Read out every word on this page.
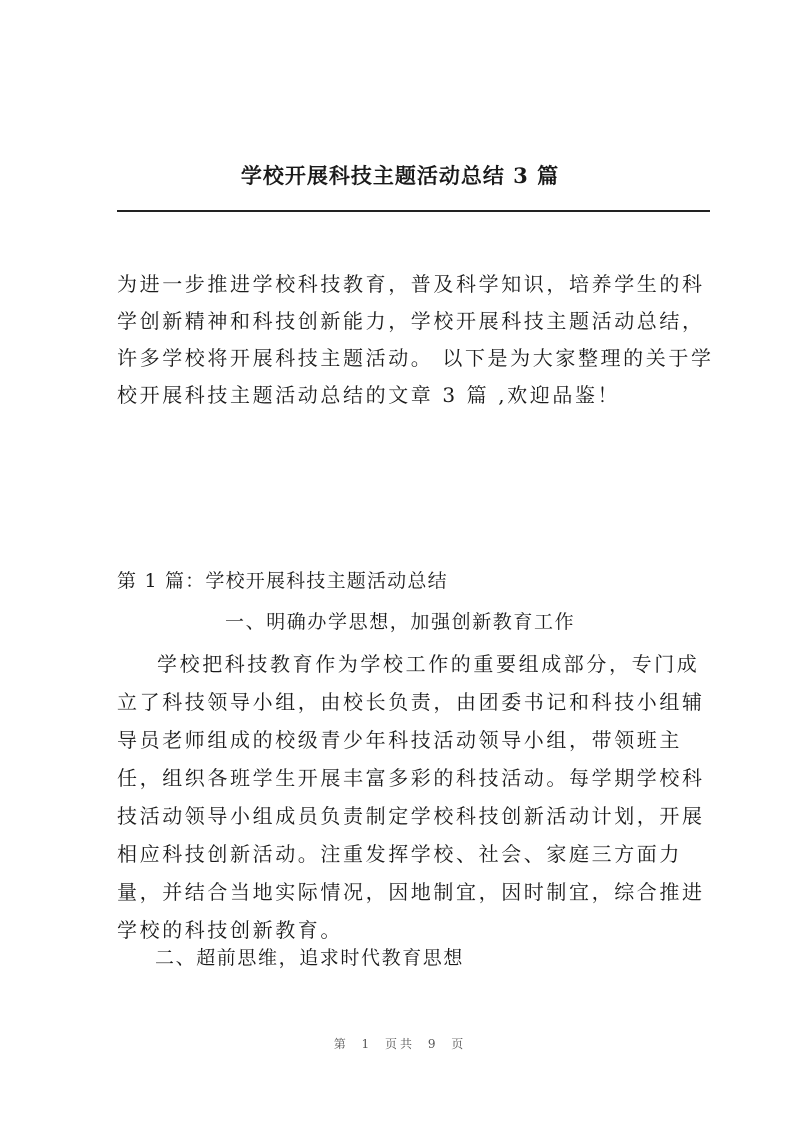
学校开展科技主题活动总结 3 篇

为进一步推进学校科技教育，普及科学知识，培养学生的科学创新精神和科技创新能力，学校开展科技主题活动总结，许多学校将开展科技主题活动。 以下是为大家整理的关于学校开展科技主题活动总结的文章 3 篇 ,欢迎品鉴！

第 1 篇：学校开展科技主题活动总结
一、明确办学思想，加强创新教育工作

学校把科技教育作为学校工作的重要组成部分，专门成立了科技领导小组，由校长负责，由团委书记和科技小组辅导员老师组成的校级青少年科技活动领导小组，带领班主任，组织各班学生开展丰富多彩的科技活动。每学期学校科技活动领导小组成员负责制定学校科技创新活动计划，开展相应科技创新活动。注重发挥学校、社会、家庭三方面力量，并结合当地实际情况，因地制宜，因时制宜，综合推进学校的科技创新教育。

二、超前思维，追求时代教育思想
第 1 页共 9 页
